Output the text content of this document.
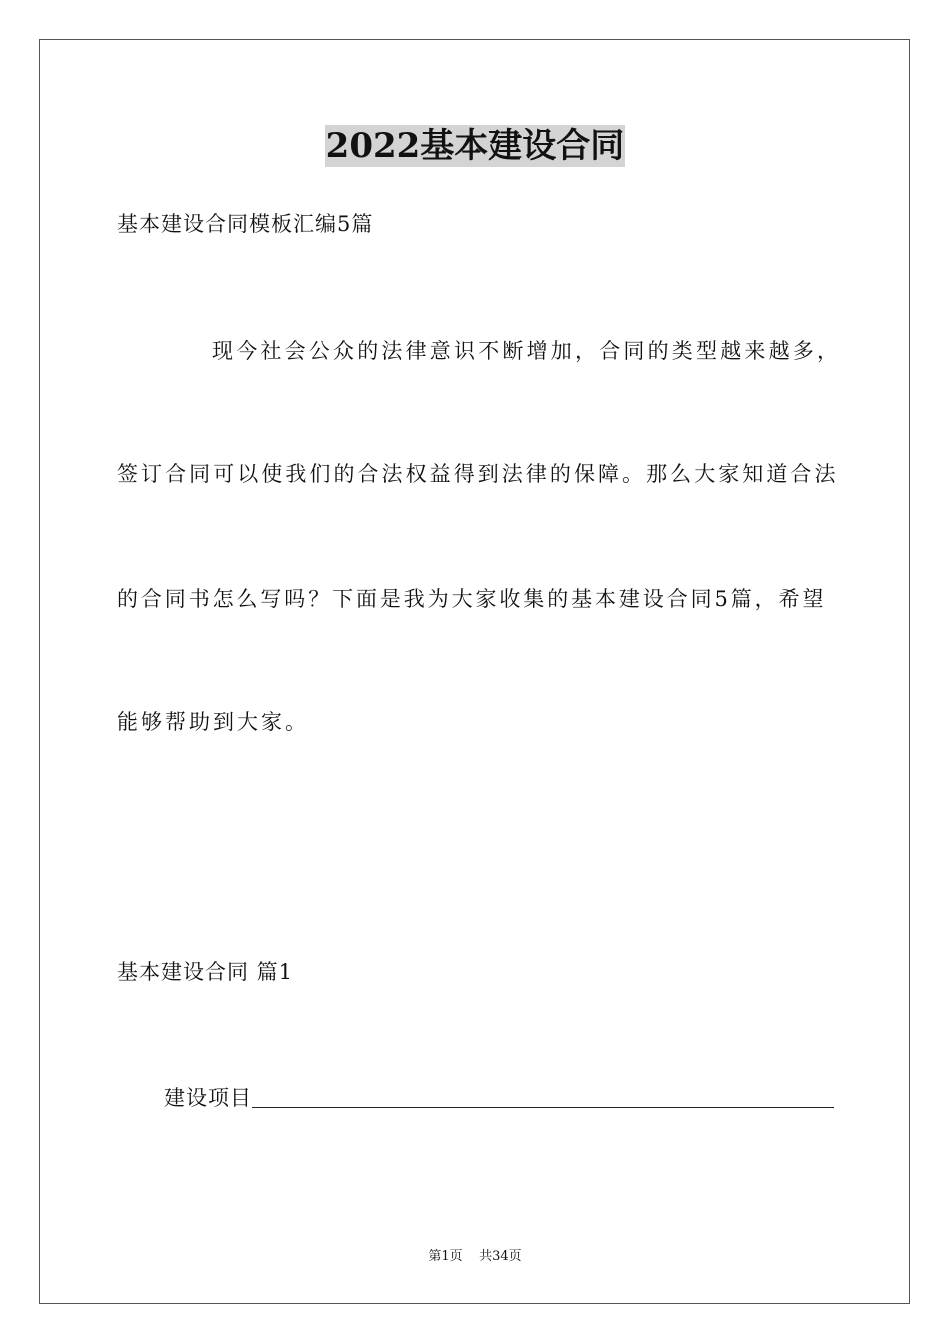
2022基本建设合同
基本建设合同模板汇编5篇
现今社会公众的法律意识不断增加，合同的类型越来越多，
签订合同可以使我们的合法权益得到法律的保障。那么大家知道合法
的合同书怎么写吗？下面是我为大家收集的基本建设合同5篇，希望
能够帮助到大家。
基本建设合同 篇1
建设项目
第1页    共34页
